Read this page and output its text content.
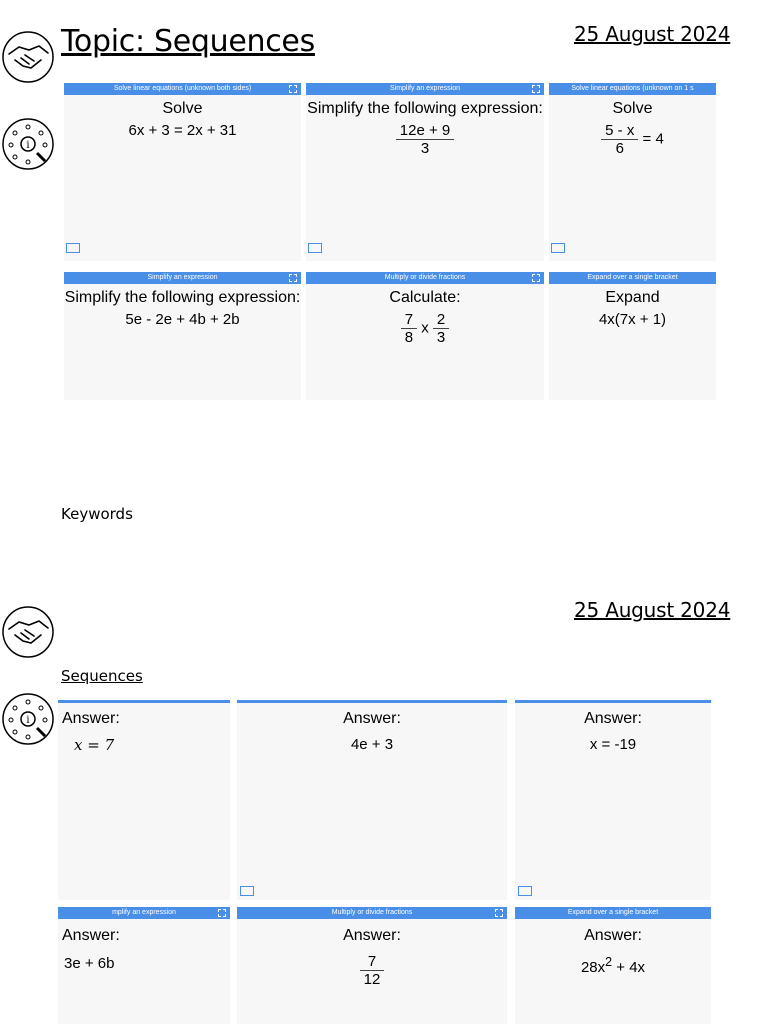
Topic: Sequences	25 August 2024
i
Solve linear equations (unknown both sides)
Solve
6x + 3 = 2x + 31
Simplify an expression
Simplify the following expression:
$\frac{12e + 9}{3}$
Solve linear equations (unknown on 1 s
Solve
$\frac{5 - x}{6} = 4$
Simplify an expression
Simplify the following expression:
5e - 2e + 4b + 2b
Multiply or divide fractions
Calculate:
$\frac{7}{8}$ x $\frac{2}{3}$
Expand over a single bracket
Expand
4x(7x + 1)
Keywords
25 August 2024
i
Sequences
Answer:
x = 7
Answer:
4e + 3
Answer:
x = -19
mplify an expression
Answer:
3e + 6b
Multiply or divide fractions
Answer:
$\frac{7}{12}$
Expand over a single bracket
Answer:
$28x^2 + 4x$
